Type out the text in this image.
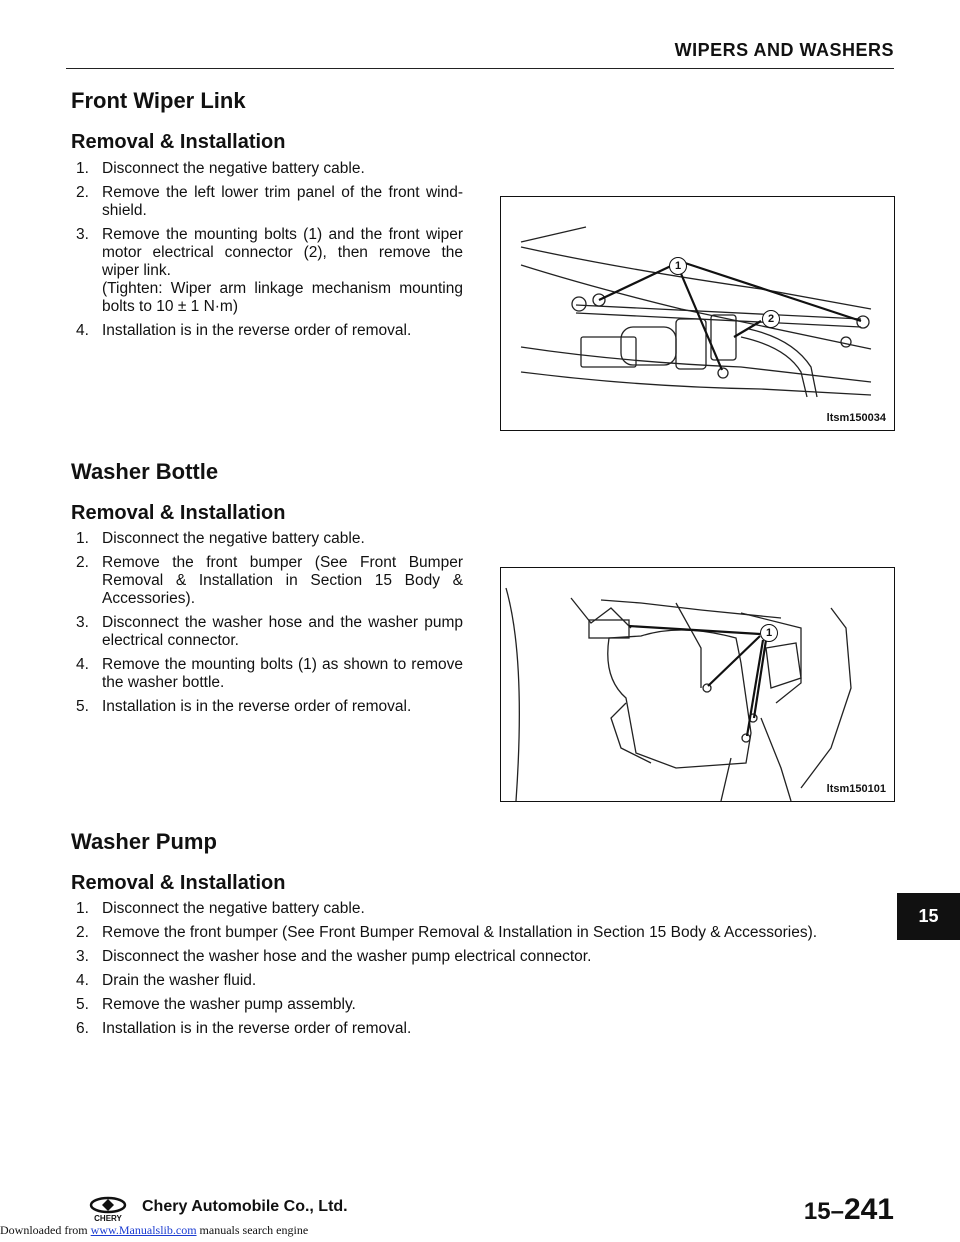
WIPERS AND WASHERS
Front Wiper Link
Removal & Installation
1. Disconnect the negative battery cable.
2. Remove the left lower trim panel of the front wind-shield.
3. Remove the mounting bolts (1) and the front wiper motor electrical connector (2), then remove the wiper link.
(Tighten: Wiper arm linkage mechanism mounting bolts to 10 ± 1 N·m)
4. Installation is in the reverse order of removal.
1
2
ltsm150034
Washer Bottle
Removal & Installation
1. Disconnect the negative battery cable.
2. Remove the front bumper (See Front Bumper Removal & Installation in Section 15 Body & Accessories).
3. Disconnect the washer hose and the washer pump electrical connector.
4. Remove the mounting bolts (1) as shown to remove the washer bottle.
5. Installation is in the reverse order of removal.
1
ltsm150101
Washer Pump
Removal & Installation
1. Disconnect the negative battery cable.
2. Remove the front bumper (See Front Bumper Removal & Installation in Section 15 Body & Accessories).
3. Disconnect the washer hose and the washer pump electrical connector.
4. Drain the washer fluid.
5. Remove the washer pump assembly.
6. Installation is in the reverse order of removal.
15
CHERY
Chery Automobile Co., Ltd.	15–241
Downloaded from www.Manualslib.com manuals search engine
